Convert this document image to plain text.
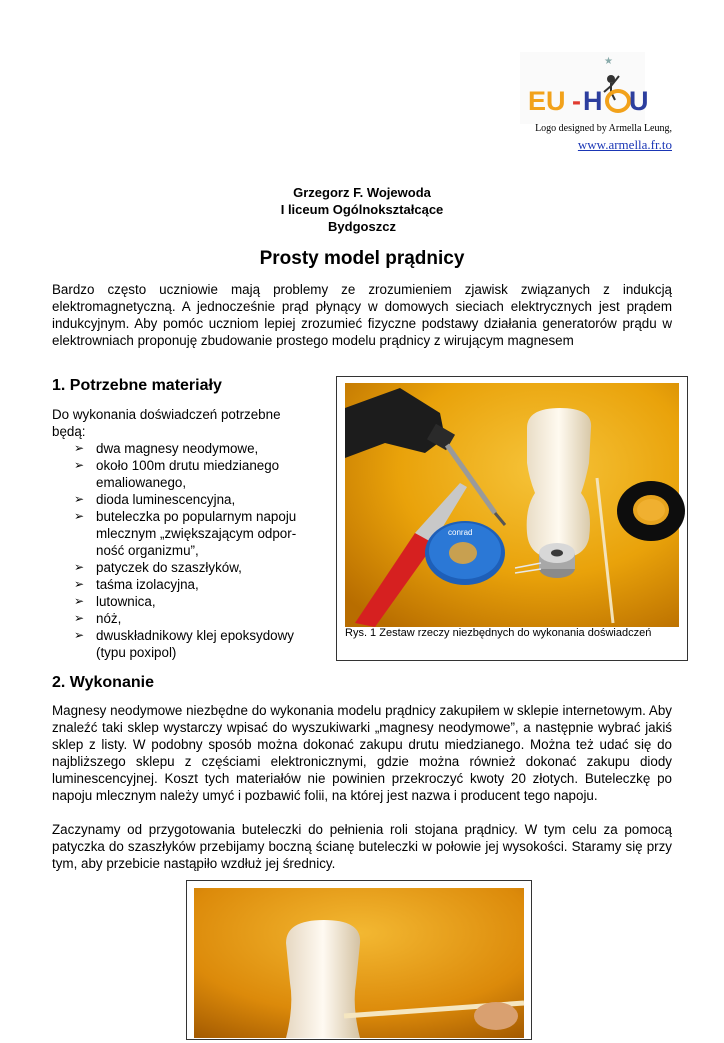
★
EU - H U
Logo designed by Armella Leung,
www.armella.fr.to
Grzegorz F. Wojewoda
I liceum Ogólnokształcące
Bydgoszcz
Prosty model prądnicy

Bardzo często uczniowie mają problemy ze zrozumieniem zjawisk związanych z indukcją elektromagnetyczną. A jednocześnie prąd płynący w domowych sieciach elektrycznych jest prądem indukcyjnym. Aby pomóc uczniom lepiej zrozumieć fizyczne podstawy działania generatorów prądu w elektrowniach proponuję zbudowanie prostego modelu prądnicy z wirującym magnesem

1. Potrzebne materiały

Do wykonania doświadczeń potrzebne będą:

➢ dwa magnesy neodymowe,
➢ około 100m drutu miedzianego emaliowanego,
➢ dioda luminescencyjna,
➢ buteleczka po popularnym napoju mlecznym „zwiększającym odpor-ność organizmu”,
➢ patyczek do szaszłyków,
➢ taśma izolacyjna,
➢ lutownica,
➢ nóż,
➢ dwuskładnikowy klej epoksydowy (typu poxipol)
conrad
Rys. 1 Zestaw rzeczy niezbędnych do wykonania doświadczeń
2. Wykonanie

Magnesy neodymowe niezbędne do wykonania modelu prądnicy zakupiłem w sklepie internetowym. Aby znaleźć taki sklep wystarczy wpisać do wyszukiwarki „magnesy neodymowe”, a następnie wybrać jakiś sklep z listy. W podobny sposób można dokonać zakupu drutu miedzianego. Można też udać się do najbliższego sklepu z częściami elektronicznymi, gdzie można również dokonać zakupu diody luminescencyjnej. Koszt tych materiałów nie powinien przekroczyć kwoty 20 złotych. Buteleczkę po napoju mlecznym należy umyć i pozbawić folii, na której jest nazwa i producent tego napoju.

Zaczynamy od przygotowania buteleczki do pełnienia roli stojana prądnicy. W tym celu za pomocą patyczka do szaszłyków przebijamy boczną ścianę buteleczki w połowie jej wysokości. Staramy się przy tym, aby przebicie nastąpiło wzdłuż jej średnicy.
